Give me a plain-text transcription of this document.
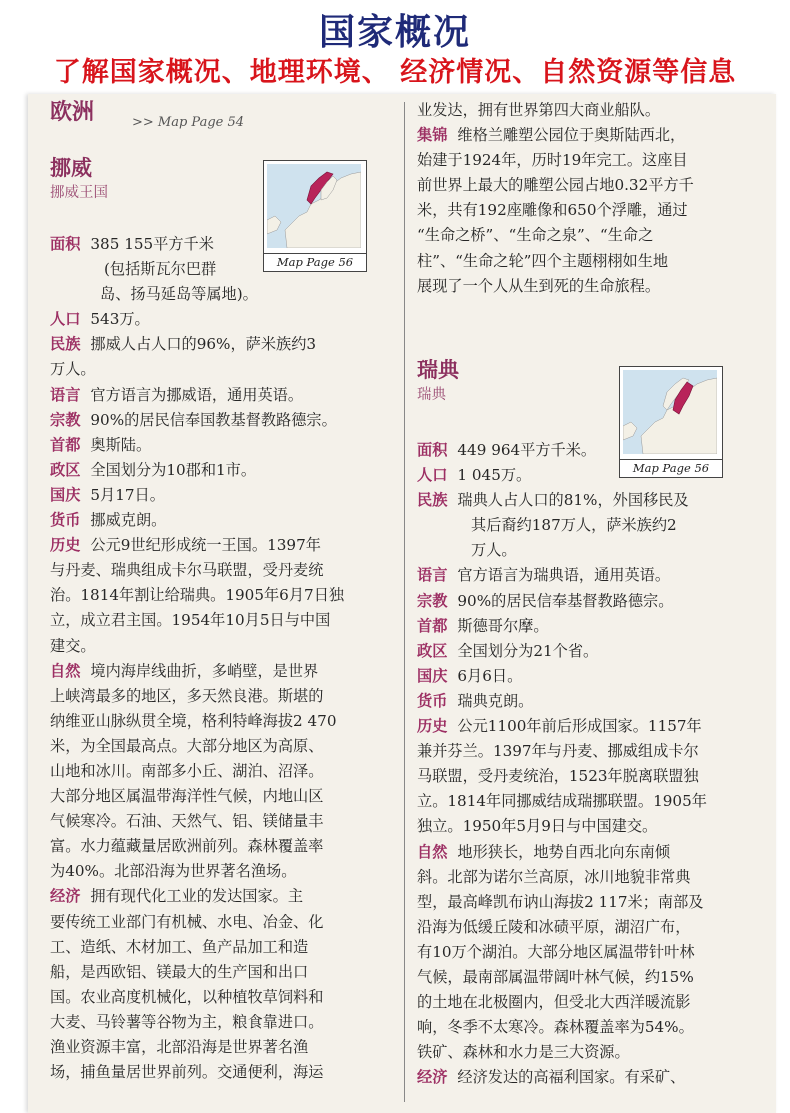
国家概况
了解国家概况、地理环境、 经济情况、自然资源等信息
欧洲	>> Map Page 54
挪威
挪威王国
Map Page 56

面积 385 155平方千米

(包括斯瓦尔巴群

岛、扬马延岛等属地)。

人口 543万。

民族 挪威人占人口的96%，萨米族约3

万人。

语言 官方语言为挪威语，通用英语。

宗教 90%的居民信奉国教基督教路德宗。

首都 奥斯陆。

政区 全国划分为10郡和1市。

国庆 5月17日。

货币 挪威克朗。

历史 公元9世纪形成统一王国。1397年

与丹麦、瑞典组成卡尔马联盟，受丹麦统

治。1814年割让给瑞典。1905年6月7日独

立，成立君主国。1954年10月5日与中国

建交。

自然 境内海岸线曲折，多峭壁，是世界

上峡湾最多的地区，多天然良港。斯堪的

纳维亚山脉纵贯全境，格利特峰海拔2 470

米，为全国最高点。大部分地区为高原、

山地和冰川。南部多小丘、湖泊、沼泽。

大部分地区属温带海洋性气候，内地山区

气候寒冷。石油、天然气、铝、镁储量丰

富。水力蕴藏量居欧洲前列。森林覆盖率

为40%。北部沿海为世界著名渔场。

经济 拥有现代化工业的发达国家。主

要传统工业部门有机械、水电、冶金、化

工、造纸、木材加工、鱼产品加工和造

船，是西欧铝、镁最大的生产国和出口

国。农业高度机械化，以种植牧草饲料和

大麦、马铃薯等谷物为主，粮食靠进口。

渔业资源丰富，北部沿海是世界著名渔

场，捕鱼量居世界前列。交通便利，海运

业发达，拥有世界第四大商业船队。

集锦 维格兰雕塑公园位于奥斯陆西北，

始建于1924年，历时19年完工。这座目

前世界上最大的雕塑公园占地0.32平方千

米，共有192座雕像和650个浮雕，通过

“生命之桥”、“生命之泉”、“生命之

柱”、“生命之轮”四个主题栩栩如生地

展现了一个人从生到死的生命旅程。

瑞典
瑞典
Map Page 56

面积 449 964平方千米。

人口 1 045万。

民族 瑞典人占人口的81%，外国移民及

其后裔约187万人，萨米族约2

万人。

语言 官方语言为瑞典语，通用英语。

宗教 90%的居民信奉基督教路德宗。

首都 斯德哥尔摩。

政区 全国划分为21个省。

国庆 6月6日。

货币 瑞典克朗。

历史 公元1100年前后形成国家。1157年

兼并芬兰。1397年与丹麦、挪威组成卡尔

马联盟，受丹麦统治，1523年脱离联盟独

立。1814年同挪威结成瑞挪联盟。1905年

独立。1950年5月9日与中国建交。

自然 地形狭长，地势自西北向东南倾

斜。北部为诺尔兰高原，冰川地貌非常典

型，最高峰凯布讷山海拔2 117米；南部及

沿海为低缓丘陵和冰碛平原，湖沼广布，

有10万个湖泊。大部分地区属温带针叶林

气候，最南部属温带阔叶林气候，约15%

的土地在北极圈内，但受北大西洋暖流影

响，冬季不太寒冷。森林覆盖率为54%。

铁矿、森林和水力是三大资源。

经济 经济发达的高福利国家。有采矿、
